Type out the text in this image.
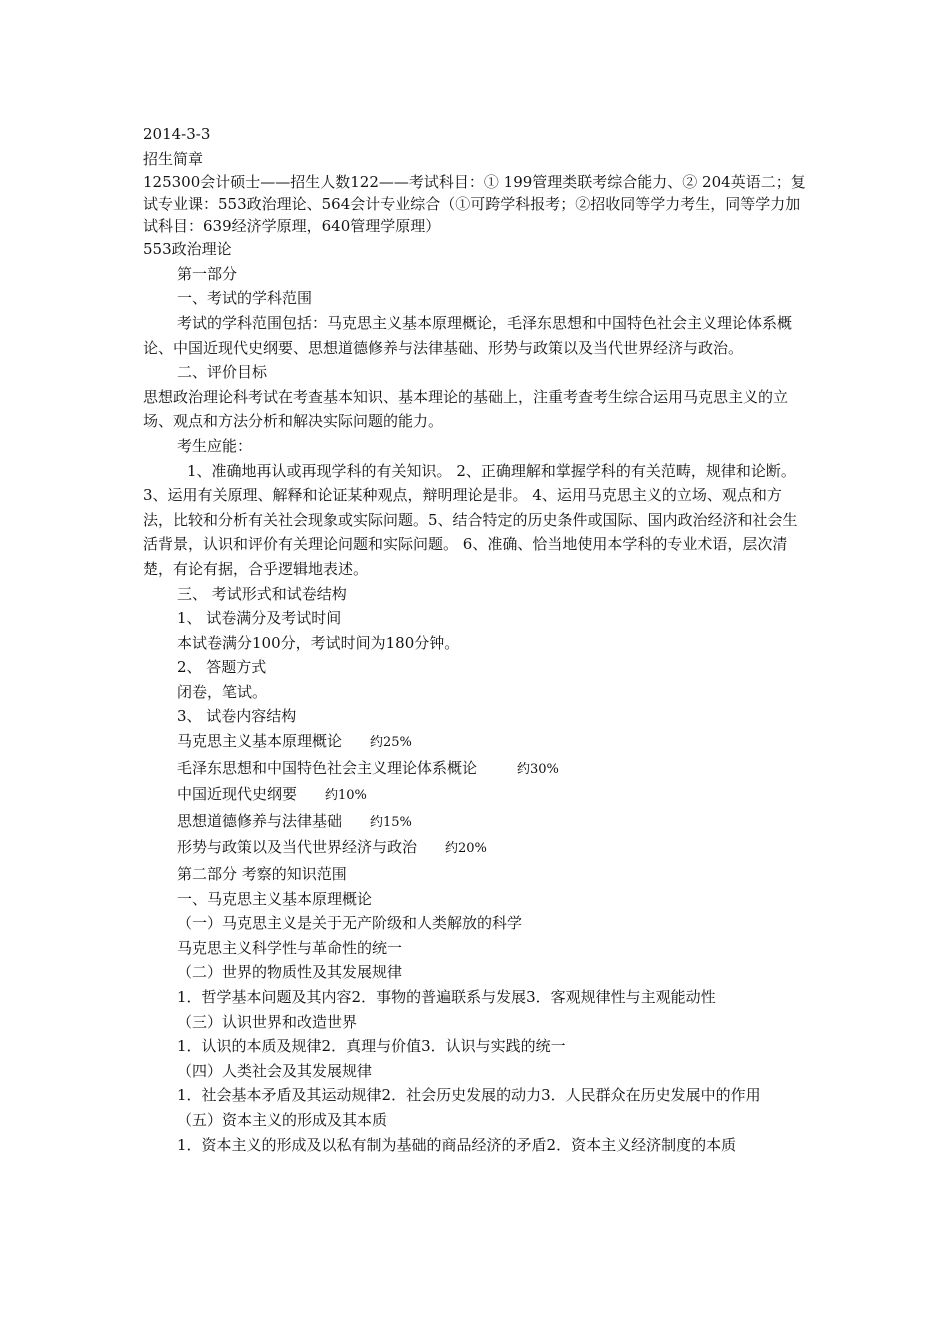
2014-3-3

招生简章

125300会计硕士——招生人数122——考试科目：① 199管理类联考综合能力、② 204英语二；复试专业课：553政治理论、564会计专业综合（①可跨学科报考；②招收同等学力考生，同等学力加试科目：639经济学原理，640管理学原理）

553政治理论

第一部分

一、考试的学科范围

考试的学科范围包括：马克思主义基本原理概论，毛泽东思想和中国特色社会主义理论体系概论、中国近现代史纲要、思想道德修养与法律基础、形势与政策以及当代世界经济与政治。

二、评价目标

思想政治理论科考试在考查基本知识、基本理论的基础上，注重考查考生综合运用马克思主义的立场、观点和方法分析和解决实际问题的能力。

考生应能：

1、准确地再认或再现学科的有关知识。 2、正确理解和掌握学科的有关范畴，规律和论断。3、运用有关原理、解释和论证某种观点，辩明理论是非。 4、运用马克思主义的立场、观点和方法，比较和分析有关社会现象或实际问题。5、结合特定的历史条件或国际、国内政治经济和社会生活背景，认识和评价有关理论问题和实际问题。 6、准确、恰当地使用本学科的专业术语，层次清楚，有论有据，合乎逻辑地表述。

三、 考试形式和试卷结构

1、 试卷满分及考试时间

本试卷满分100分，考试时间为180分钟。

2、 答题方式

闭卷，笔试。

3、 试卷内容结构

马克思主义基本原理概论 约25%
毛泽东思想和中国特色社会主义理论体系概论	约30%
中国近现代史纲要 约10%
思想道德修养与法律基础 约15%
形势与政策以及当代世界经济与政治 约20%

第二部分 考察的知识范围

一、马克思主义基本原理概论

（一）马克思主义是关于无产阶级和人类解放的科学

马克思主义科学性与革命性的统一

（二）世界的物质性及其发展规律

1．哲学基本问题及其内容2．事物的普遍联系与发展3．客观规律性与主观能动性

（三）认识世界和改造世界

1．认识的本质及规律2．真理与价值3．认识与实践的统一

（四）人类社会及其发展规律

1．社会基本矛盾及其运动规律2．社会历史发展的动力3．人民群众在历史发展中的作用

（五）资本主义的形成及其本质

1．资本主义的形成及以私有制为基础的商品经济的矛盾2．资本主义经济制度的本质
